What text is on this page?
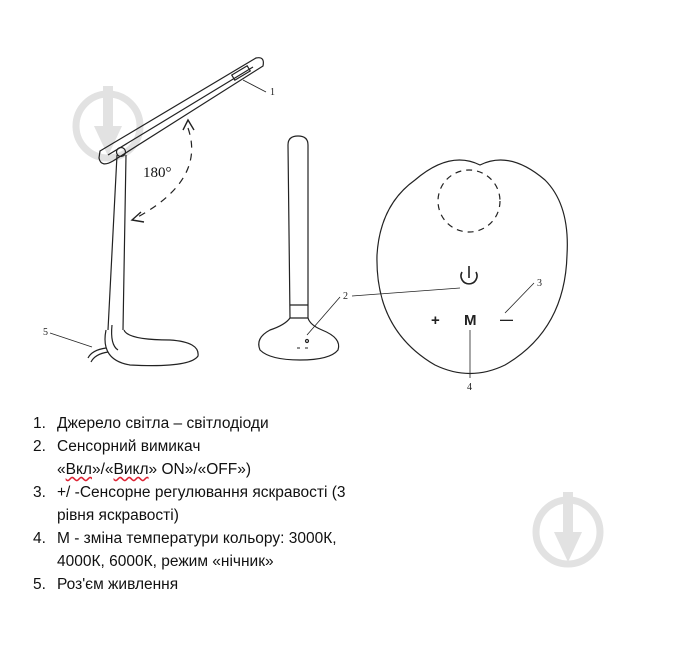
+ M —
180°
1
2
3
4
5
1. Джерело світла – світлодіоди
2. Сенсорний вимикач
«Вкл»/«Викл» ON»/«OFF»)
3. +/ -Сенсорне регулювання яскравості (3 рівня яскравості)
4. М - зміна температури кольору: 3000К, 4000К, 6000К, режим «нічник»
5. Роз'єм живлення
